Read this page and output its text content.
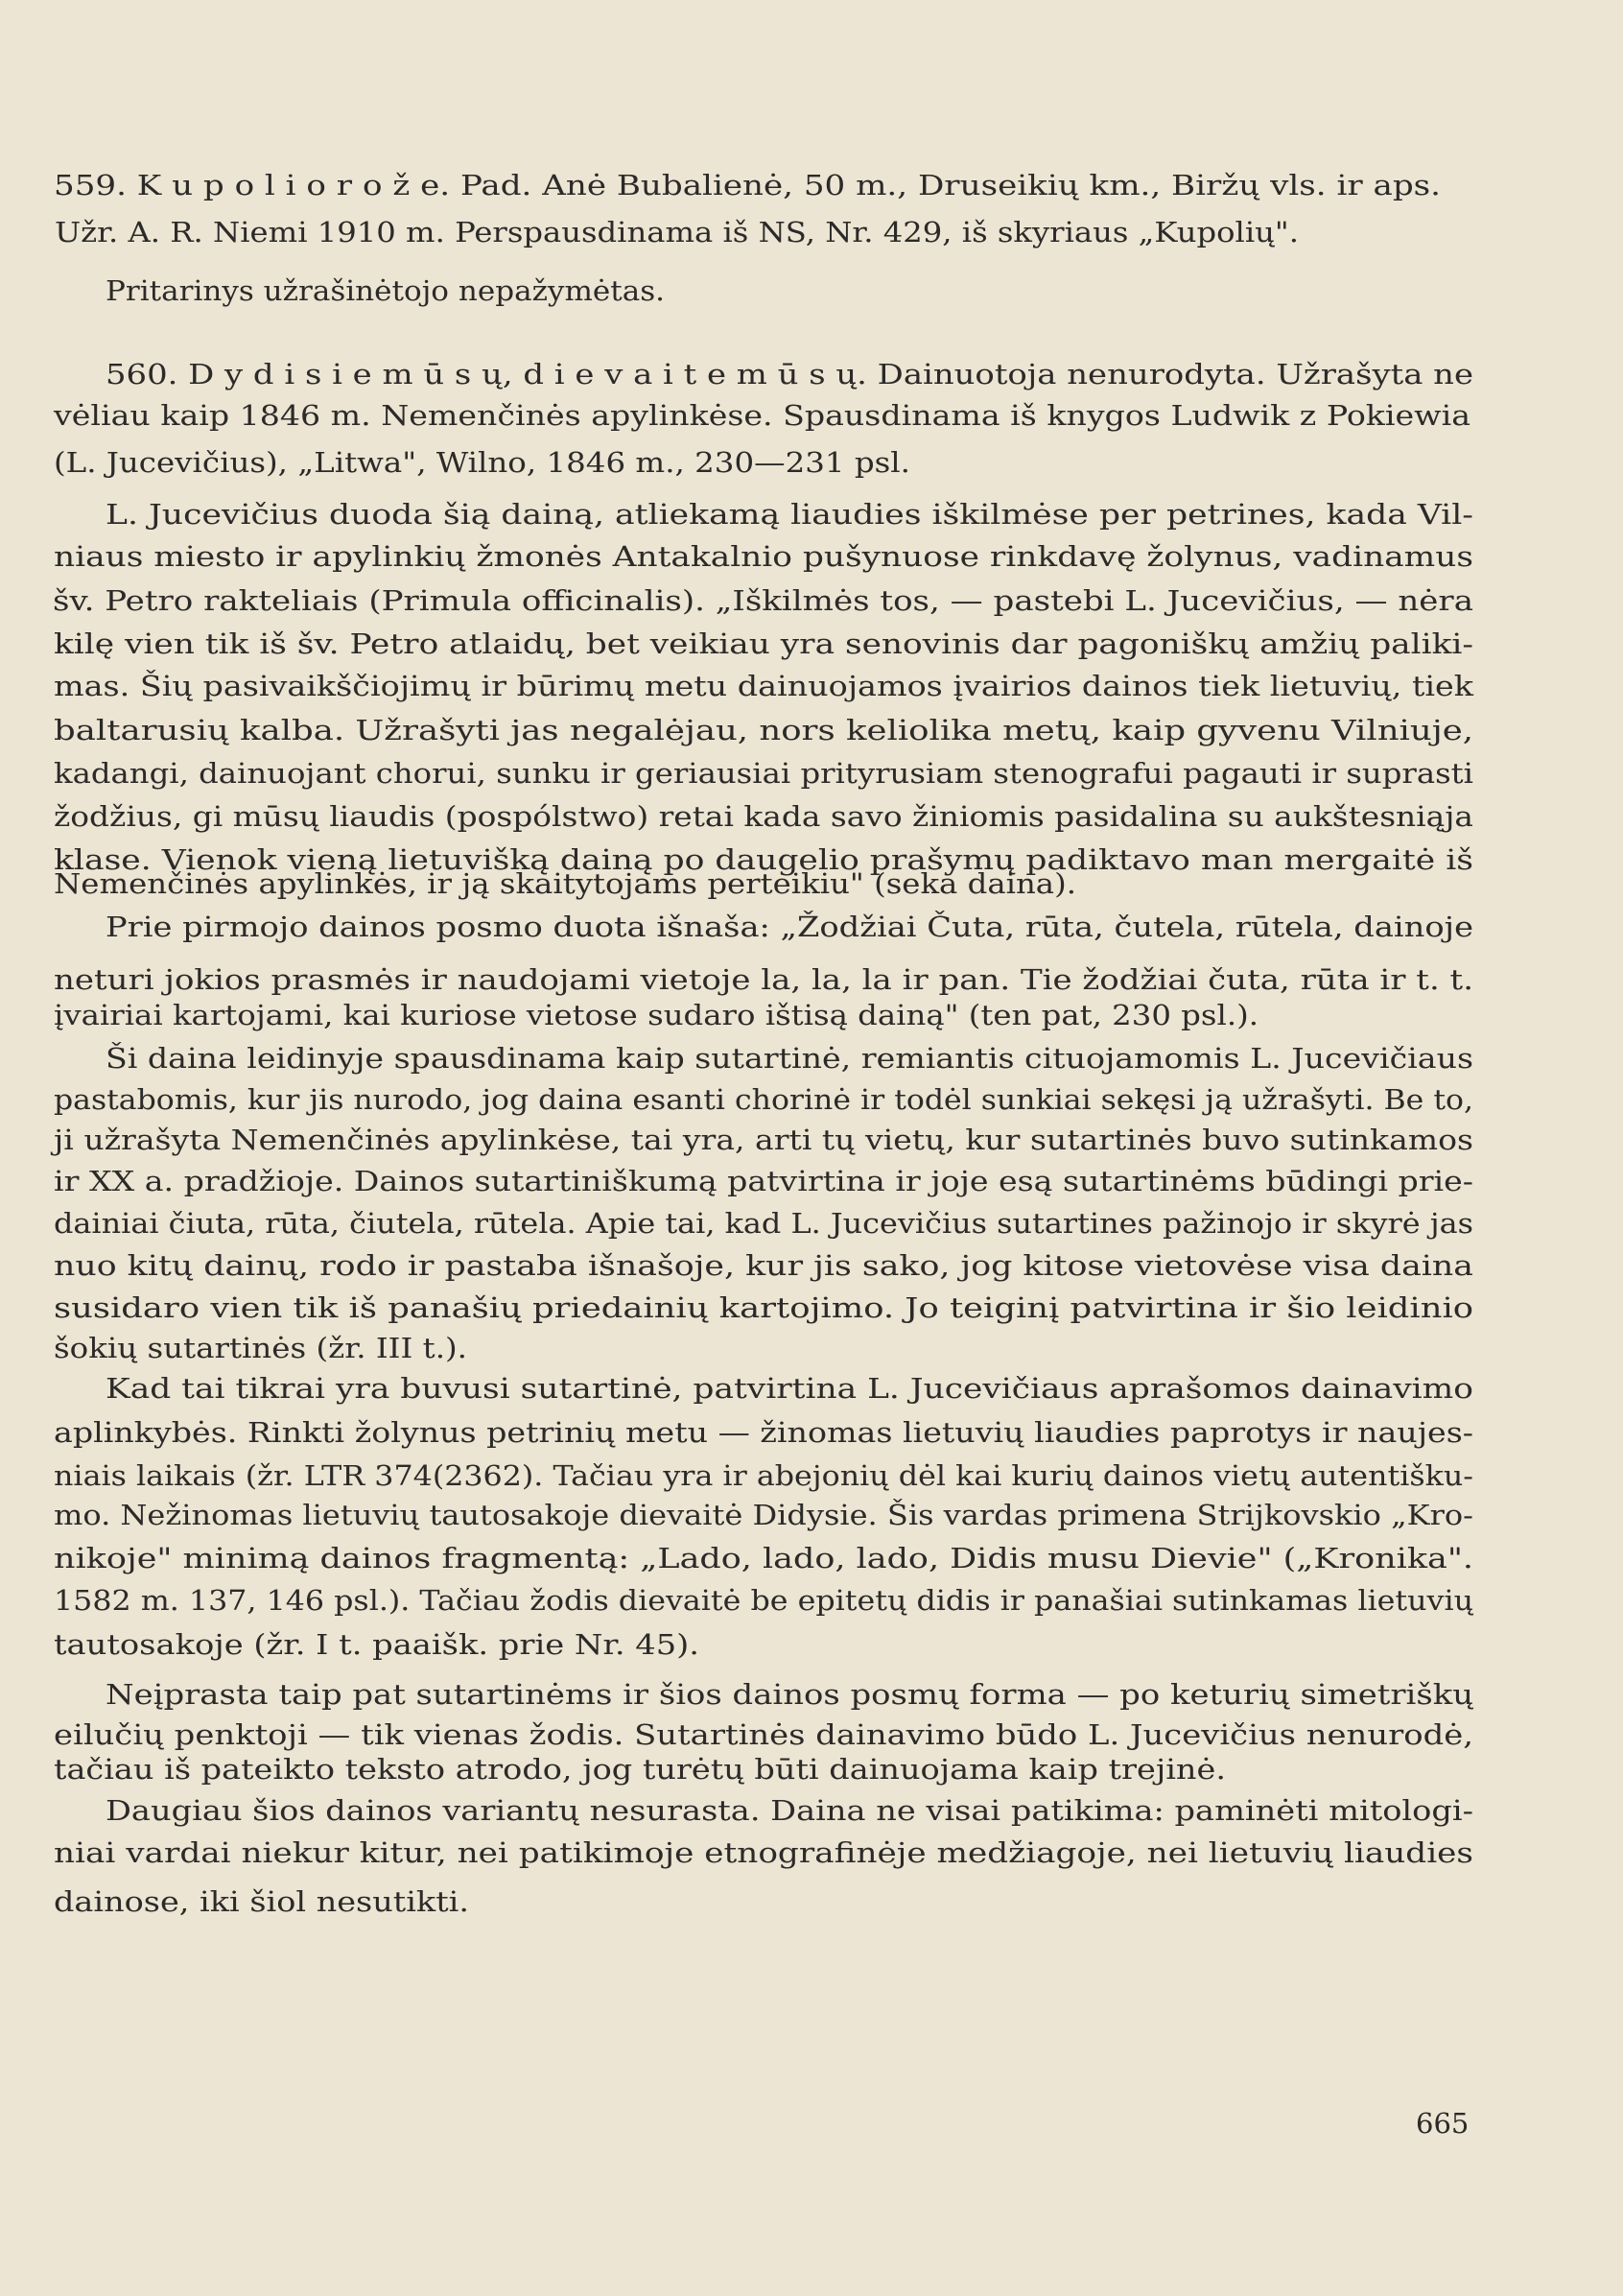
559. K u p o l i o r o ž e. Pad. Anė Bubalienė, 50 m., Druseikių km., Biržų vls. ir aps.
Užr. A. R. Niemi 1910 m. Perspausdinama iš NS, Nr. 429, iš skyriaus „Kupolių".
Pritarinys užrašinėtojo nepažymėtas.
560. D y d i s i e m ū s ų, d i e v a i t e m ū s ų. Dainuotoja nenurodyta. Užrašyta ne
vėliau kaip 1846 m. Nemenčinės apylinkėse. Spausdinama iš knygos Ludwik z Pokiewia
(L. Jucevičius), „Litwa", Wilno, 1846 m., 230—231 psl.
L. Jucevičius duoda šią dainą, atliekamą liaudies iškilmėse per petrines, kada Vil-
niaus miesto ir apylinkių žmonės Antakalnio pušynuose rinkdavę žolynus, vadinamus
šv. Petro rakteliais (Primula officinalis). „Iškilmės tos, — pastebi L. Jucevičius, — nėra
kilę vien tik iš šv. Petro atlaidų, bet veikiau yra senovinis dar pagoniškų amžių paliki-
mas. Šių pasivaikščiojimų ir būrimų metu dainuojamos įvairios dainos tiek lietuvių, tiek
baltarusių kalba. Užrašyti jas negalėjau, nors keliolika metų, kaip gyvenu Vilniuje,
kadangi, dainuojant chorui, sunku ir geriausiai prityrusiam stenografui pagauti ir suprasti
žodžius, gi mūsų liaudis (pospólstwo) retai kada savo žiniomis pasidalina su aukštesniąja
klase. Vienok vieną lietuvišką dainą po daugelio prašymų padiktavo man mergaitė iš
Nemenčinės apylinkės, ir ją skaitytojams perteikiu" (seka daina).
Prie pirmojo dainos posmo duota išnaša: „Žodžiai Čuta, rūta, čutela, rūtela, dainoje
neturi jokios prasmės ir naudojami vietoje la, la, la ir pan. Tie žodžiai čuta, rūta ir t. t.
įvairiai kartojami, kai kuriose vietose sudaro ištisą dainą" (ten pat, 230 psl.).
Ši daina leidinyje spausdinama kaip sutartinė, remiantis cituojamomis L. Jucevičiaus
pastabomis, kur jis nurodo, jog daina esanti chorinė ir todėl sunkiai sekęsi ją užrašyti. Be to,
ji užrašyta Nemenčinės apylinkėse, tai yra, arti tų vietų, kur sutartinės buvo sutinkamos
ir XX a. pradžioje. Dainos sutartiniškumą patvirtina ir joje esą sutartinėms būdingi prie-
dainiai čiuta, rūta, čiutela, rūtela. Apie tai, kad L. Jucevičius sutartines pažinojo ir skyrė jas
nuo kitų dainų, rodo ir pastaba išnašoje, kur jis sako, jog kitose vietovėse visa daina
susidaro vien tik iš panašių priedainių kartojimo. Jo teiginį patvirtina ir šio leidinio
šokių sutartinės (žr. III t.).
Kad tai tikrai yra buvusi sutartinė, patvirtina L. Jucevičiaus aprašomos dainavimo
aplinkybės. Rinkti žolynus petrinių metu — žinomas lietuvių liaudies paprotys ir naujes-
niais laikais (žr. LTR 374(2362). Tačiau yra ir abejonių dėl kai kurių dainos vietų autentišku-
mo. Nežinomas lietuvių tautosakoje dievaitė Didysie. Šis vardas primena Strijkovskio „Kro-
nikoje" minimą dainos fragmentą: „Lado, lado, lado, Didis musu Dievie" („Kronika".
1582 m. 137, 146 psl.). Tačiau žodis dievaitė be epitetų didis ir panašiai sutinkamas lietuvių
tautosakoje (žr. I t. paaišk. prie Nr. 45).
Neįprasta taip pat sutartinėms ir šios dainos posmų forma — po keturių simetriškų
eilučių penktoji — tik vienas žodis. Sutartinės dainavimo būdo L. Jucevičius nenurodė,
tačiau iš pateikto teksto atrodo, jog turėtų būti dainuojama kaip trejinė.
Daugiau šios dainos variantų nesurasta. Daina ne visai patikima: paminėti mitologi-
niai vardai niekur kitur, nei patikimoje etnografinėje medžiagoje, nei lietuvių liaudies
dainose, iki šiol nesutikti.
665
